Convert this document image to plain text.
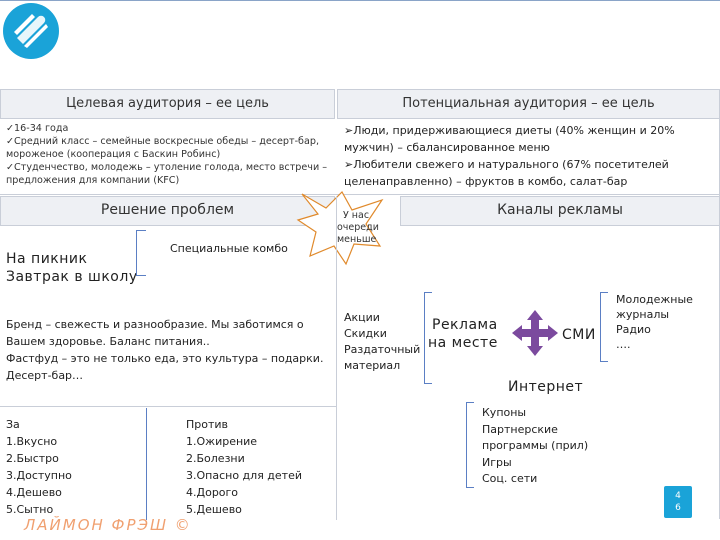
Целевая аудитория – ее цель	Потенциальная аудитория – ее цель
✓16-34 года
✓Средний класс – семейные воскресные обеды – десерт-бар,
мороженое (кооперация с Баскин Робинс)
✓Студенчество, молодежь – утоление голода, место встречи –
предложения для компании (KFC)
➢Люди, придерживающиеся диеты (40% женщин и 20%
мужчин) – сбалансированное меню
➢Любители свежего и натурального (67% посетителей
целенаправленно) – фруктов в комбо, салат-бар
Решение проблем	Каналы рекламы
У нас
очереди
меньше
На пикник
Завтрак в школу
Специальные комбо
Бренд – свежесть и разнообразие. Мы заботимся о
Вашем здоровье. Баланс питания..
Фастфуд – это не только еда, это культура – подарки.
Десерт-бар…
За
1.Вкусно
2.Быстро
3.Доступно
4.Дешево
5.Сытно
Против
1.Ожирение
2.Болезни
3.Опасно для детей
4.Дорого
5.Дешево
Акции
Скидки
Раздаточный
материал
Реклама
на месте	СМИ
Молодежные
журналы
Радио
….
Интернет
Купоны
Партнерские
программы (прил)
Игры
Соц. сети
ЛАЙМОН ФРЭШ ©
4
6
